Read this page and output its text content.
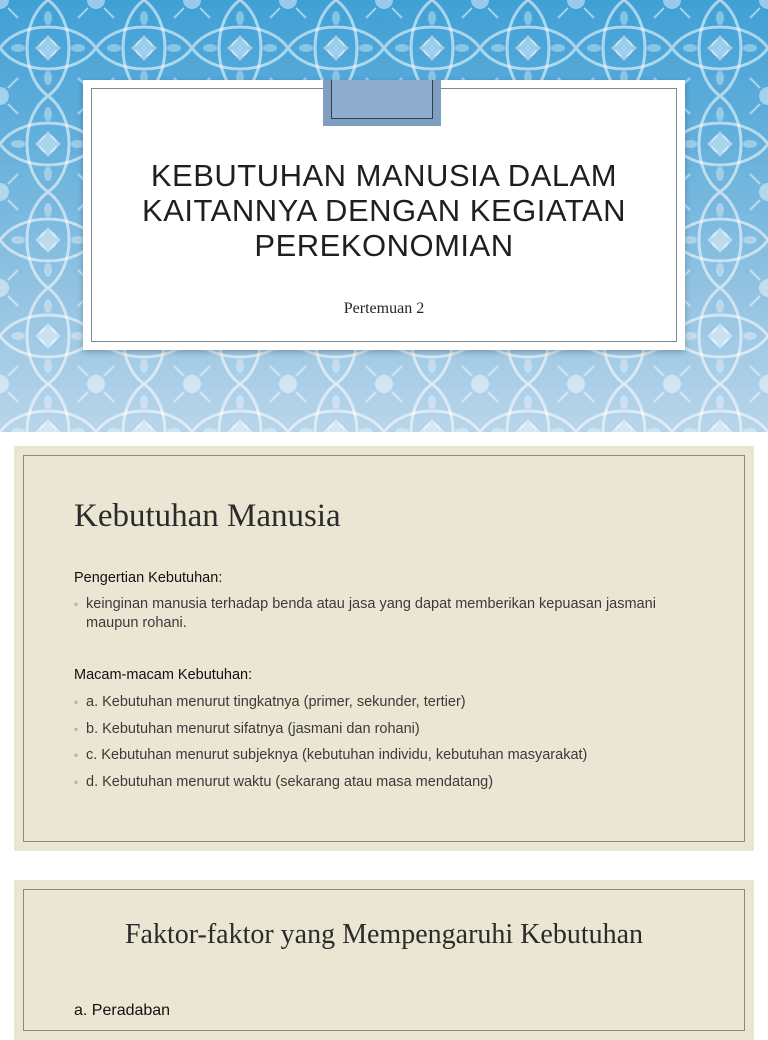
KEBUTUHAN MANUSIA DALAM
KAITANNYA DENGAN KEGIATAN
PEREKONOMIAN
Pertemuan 2
Kebutuhan Manusia
Pengertian Kebutuhan:
◦ keinginan manusia terhadap benda atau jasa yang dapat memberikan kepuasan jasmani maupun rohani.
Macam-macam Kebutuhan:
◦ a. Kebutuhan menurut tingkatnya (primer, sekunder, tertier)
◦ b. Kebutuhan menurut sifatnya (jasmani dan rohani)
◦ c. Kebutuhan menurut subjeknya (kebutuhan individu, kebutuhan masyarakat)
◦ d. Kebutuhan menurut waktu (sekarang atau masa mendatang)
Faktor-faktor yang Mempengaruhi Kebutuhan
a. Peradaban
